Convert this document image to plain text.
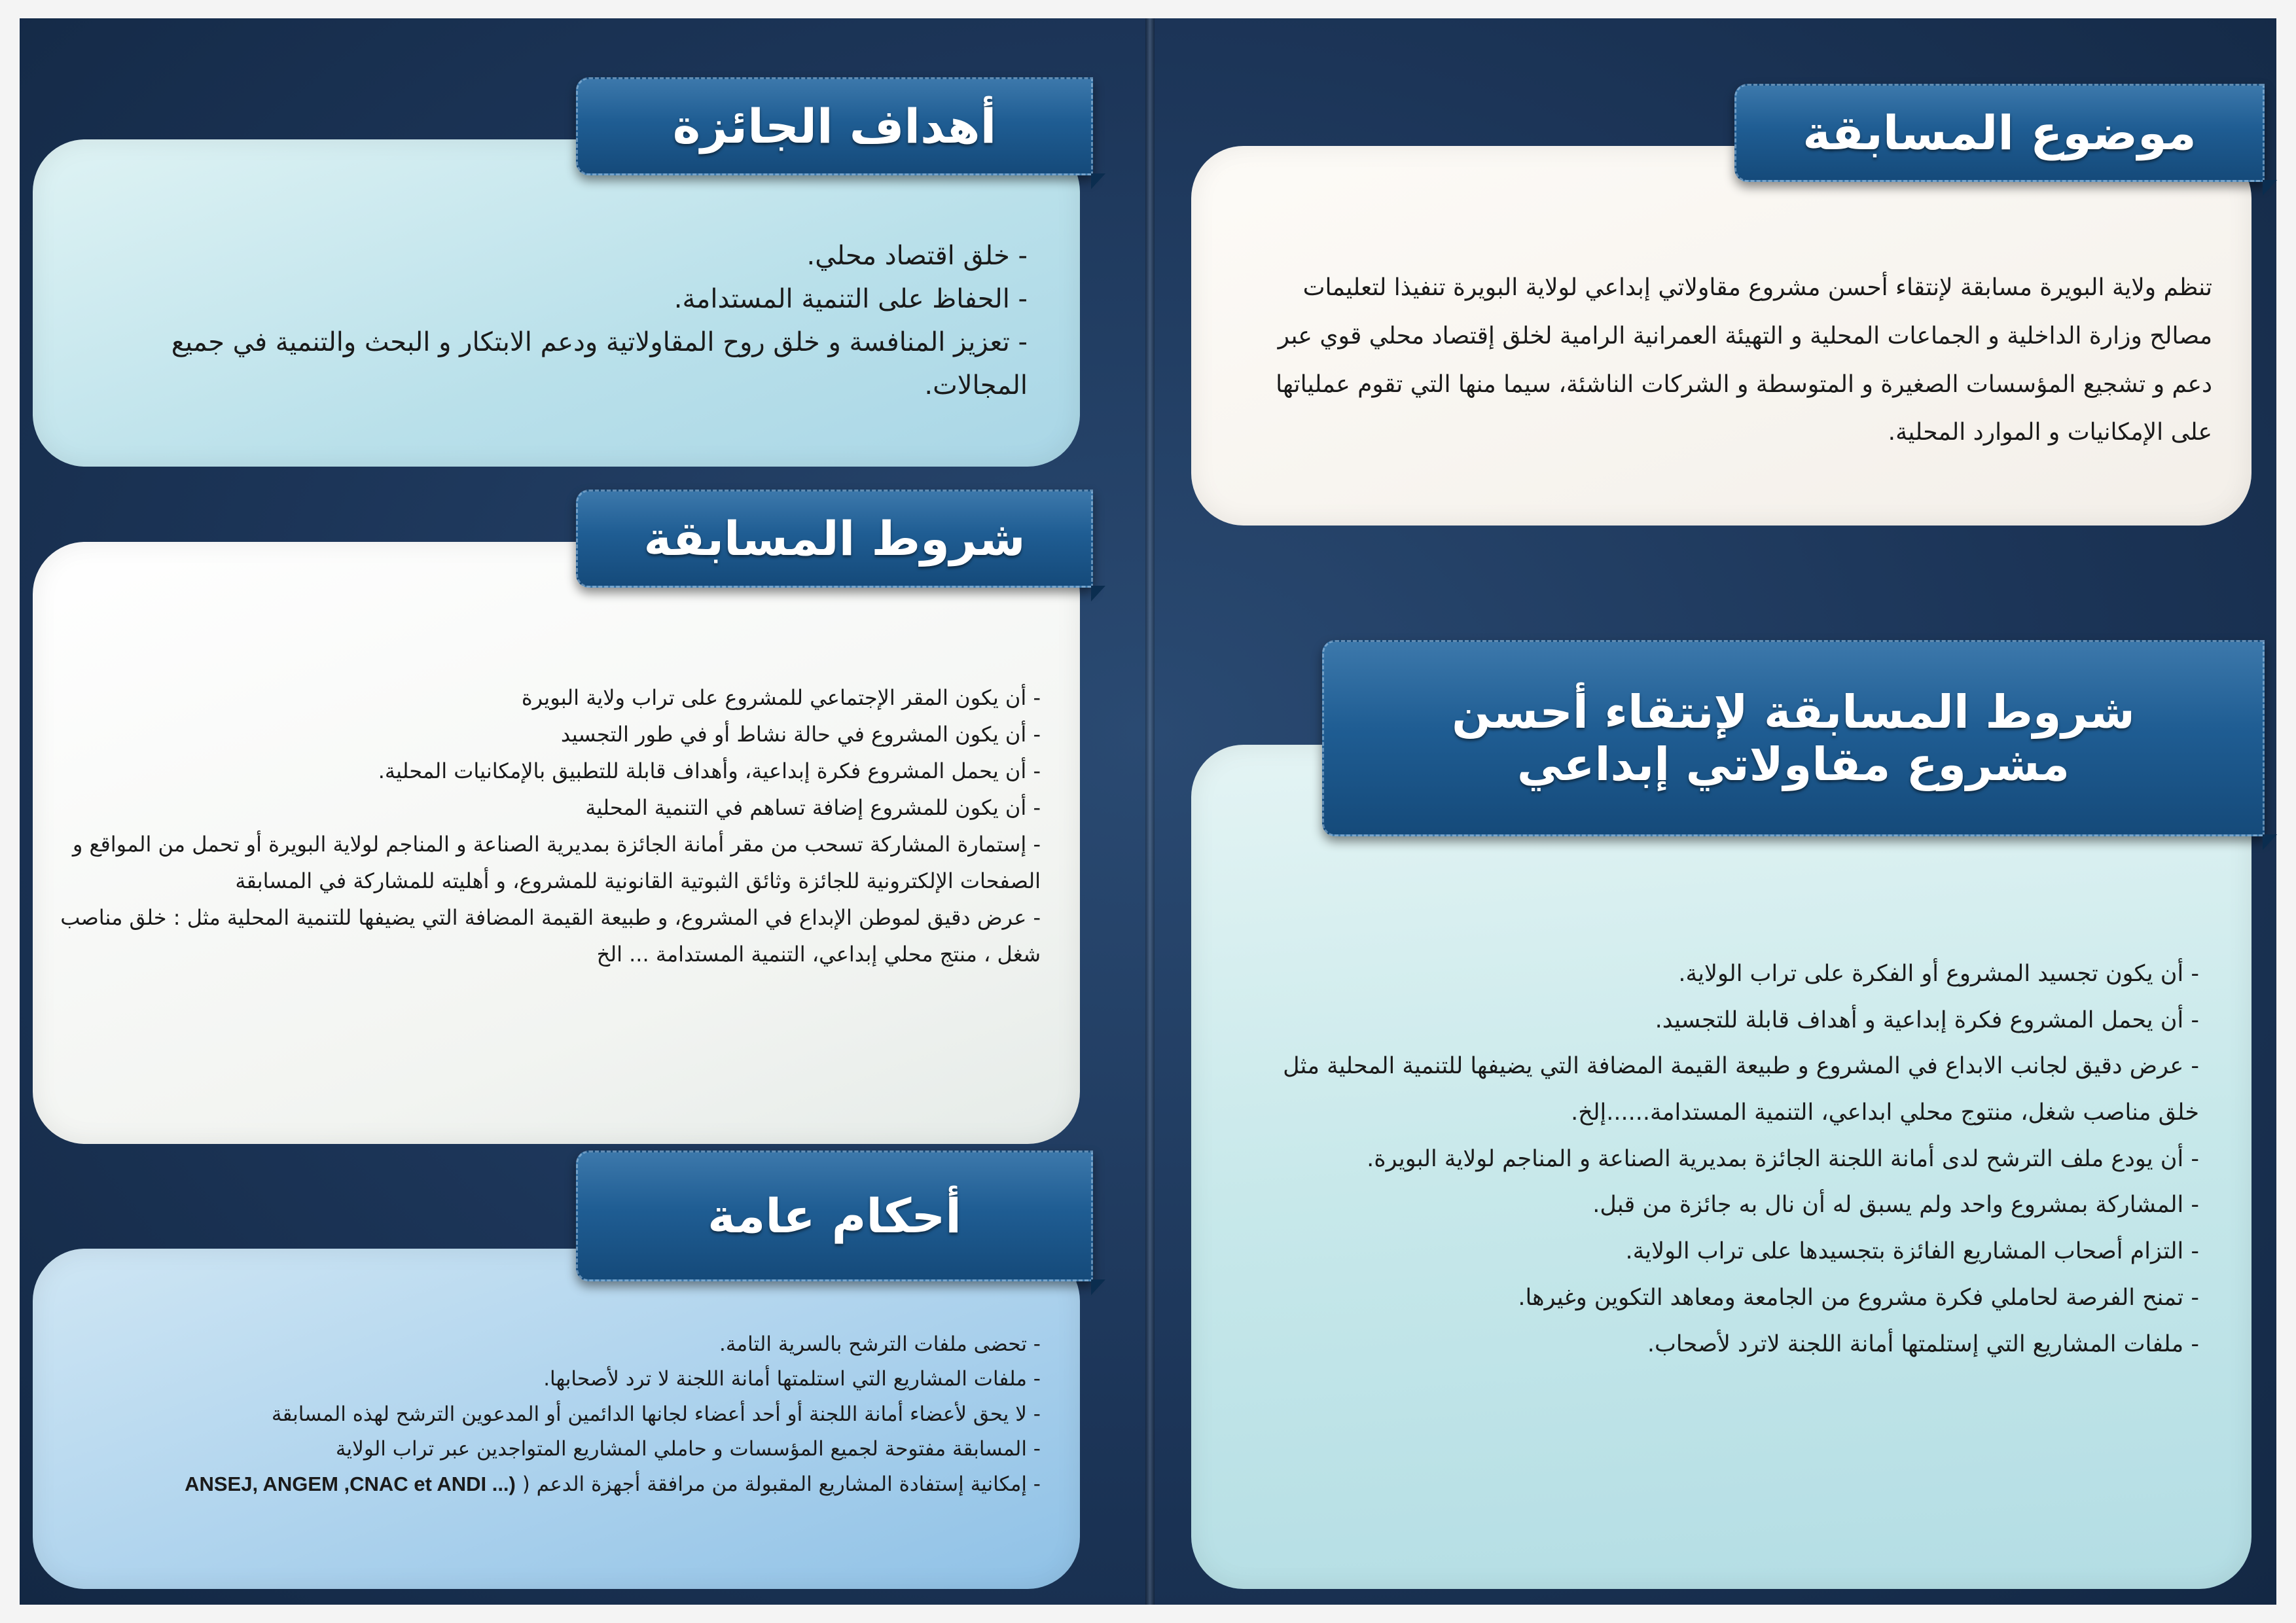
أهداف الجائزة
- خلق اقتصاد محلي.
- الحفاظ على التنمية المستدامة.
- تعزيز المنافسة و خلق روح المقاولاتية ودعم الابتكار و البحث والتنمية في جميع المجالات.
شروط المسابقة
- أن يكون المقر الإجتماعي للمشروع على تراب ولاية البويرة
- أن يكون المشروع في حالة نشاط أو في طور التجسيد
- أن يحمل المشروع فكرة إبداعية، وأهداف قابلة للتطبيق بالإمكانيات المحلية.
- أن يكون للمشروع إضافة تساهم في التنمية المحلية
- إستمارة المشاركة تسحب من مقر أمانة الجائزة بمديرية الصناعة و المناجم لولاية البويرة أو تحمل من المواقع و الصفحات الإلكترونية للجائزة وثائق الثبوتية القانونية للمشروع، و أهليته للمشاركة في المسابقة
- عرض دقيق لموطن الإبداع في المشروع، و طبيعة القيمة المضافة التي يضيفها للتنمية المحلية مثل : خلق مناصب شغل ، منتج محلي إبداعي، التنمية المستدامة ... الخ
أحكام عامة
- تحضى ملفات الترشح بالسرية التامة.
- ملفات المشاريع التي استلمتها أمانة اللجنة لا ترد لأصحابها.
- لا يحق لأعضاء أمانة اللجنة أو أحد أعضاء لجانها الدائمين أو المدعوين الترشح لهذه المسابقة
- المسابقة مفتوحة لجميع المؤسسات و حاملي المشاريع المتواجدين عبر تراب الولاية
- إمكانية إستفادة المشاريع المقبولة من مرافقة أجهزة الدعم ( ANSEJ, ANGEM ,CNAC et ANDI ...)
موضوع المسابقة

تنظم ولاية البويرة مسابقة لإنتقاء أحسن مشروع مقاولاتي إبداعي لولاية البويرة تنفيذا لتعليمات مصالح وزارة الداخلية و الجماعات المحلية و التهيئة العمرانية الرامية لخلق إقتصاد محلي قوي عبر دعم و تشجيع المؤسسات الصغيرة و المتوسطة و الشركات الناشئة، سيما منها التي تقوم عملياتها على الإمكانيات و الموارد المحلية.

شروط المسابقة لإنتقاء أحسن
مشروع مقاولاتي إبداعي
- أن يكون تجسيد المشروع أو الفكرة على تراب الولاية.
- أن يحمل المشروع فكرة إبداعية و أهداف قابلة للتجسيد.
- عرض دقيق لجانب الابداع في المشروع و طبيعة القيمة المضافة التي يضيفها للتنمية المحلية مثل خلق مناصب شغل، منتوج محلي ابداعي، التنمية المستدامة......إلخ.
- أن يودع ملف الترشح لدى أمانة اللجنة الجائزة بمديرية الصناعة و المناجم لولاية البويرة.
- المشاركة بمشروع واحد ولم يسبق له أن نال به جائزة من قبل.
- التزام أصحاب المشاريع الفائزة بتجسيدها على تراب الولاية.
- تمنح الفرصة لحاملي فكرة مشروع من الجامعة ومعاهد التكوين وغيرها.
- ملفات المشاريع التي إستلمتها أمانة اللجنة لاترد لأصحاب.
